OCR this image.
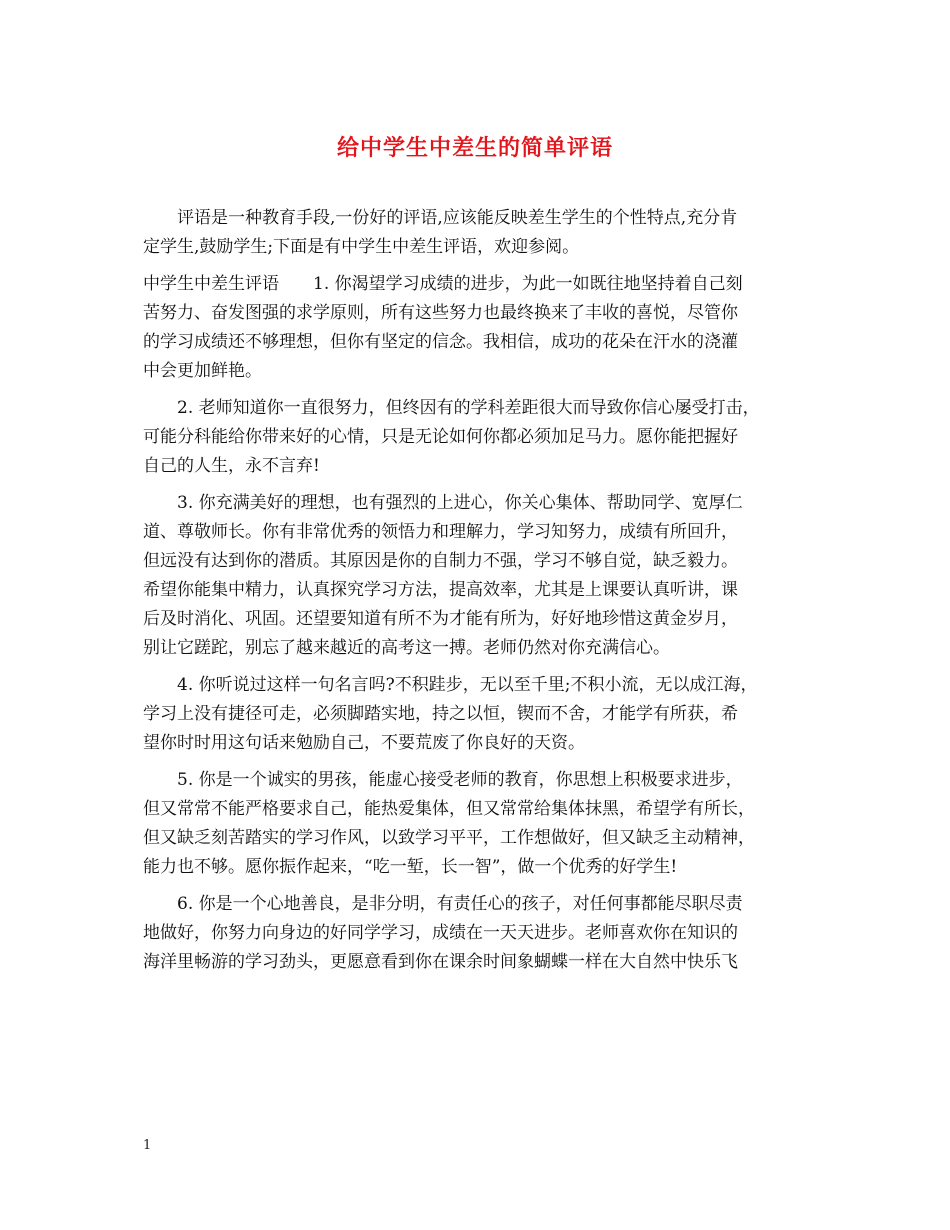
给中学生中差生的简单评语
　　评语是一种教育手段,一份好的评语,应该能反映差生学生的个性特点,充分肯
定学生,鼓励学生;下面是有中学生中差生评语，欢迎参阅。
中学生中差生评语　　1. 你渴望学习成绩的进步，为此一如既往地坚持着自己刻
苦努力、奋发图强的求学原则，所有这些努力也最终换来了丰收的喜悦，尽管你
的学习成绩还不够理想，但你有坚定的信念。我相信，成功的花朵在汗水的浇灌
中会更加鲜艳。
　　2. 老师知道你一直很努力，但终因有的学科差距很大而导致你信心屡受打击，
可能分科能给你带来好的心情，只是无论如何你都必须加足马力。愿你能把握好
自己的人生，永不言弃!
　　3. 你充满美好的理想，也有强烈的上进心，你关心集体、帮助同学、宽厚仁
道、尊敬师长。你有非常优秀的领悟力和理解力，学习知努力，成绩有所回升，
但远没有达到你的潜质。其原因是你的自制力不强，学习不够自觉，缺乏毅力。
希望你能集中精力，认真探究学习方法，提高效率，尤其是上课要认真听讲，课
后及时消化、巩固。还望要知道有所不为才能有所为，好好地珍惜这黄金岁月，
别让它蹉跎，别忘了越来越近的高考这一搏。老师仍然对你充满信心。
　　4. 你听说过这样一句名言吗?不积跬步，无以至千里;不积小流，无以成江海，
学习上没有捷径可走，必须脚踏实地，持之以恒，锲而不舍，才能学有所获，希
望你时时用这句话来勉励自己，不要荒废了你良好的天资。
　　5. 你是一个诚实的男孩，能虚心接受老师的教育，你思想上积极要求进步，
但又常常不能严格要求自己，能热爱集体，但又常常给集体抹黑，希望学有所长，
但又缺乏刻苦踏实的学习作风，以致学习平平，工作想做好，但又缺乏主动精神，
能力也不够。愿你振作起来，“吃一堑，长一智”，做一个优秀的好学生!
　　6. 你是一个心地善良，是非分明，有责任心的孩子，对任何事都能尽职尽责
地做好，你努力向身边的好同学学习，成绩在一天天进步。老师喜欢你在知识的
海洋里畅游的学习劲头，更愿意看到你在课余时间象蝴蝶一样在大自然中快乐飞
1
